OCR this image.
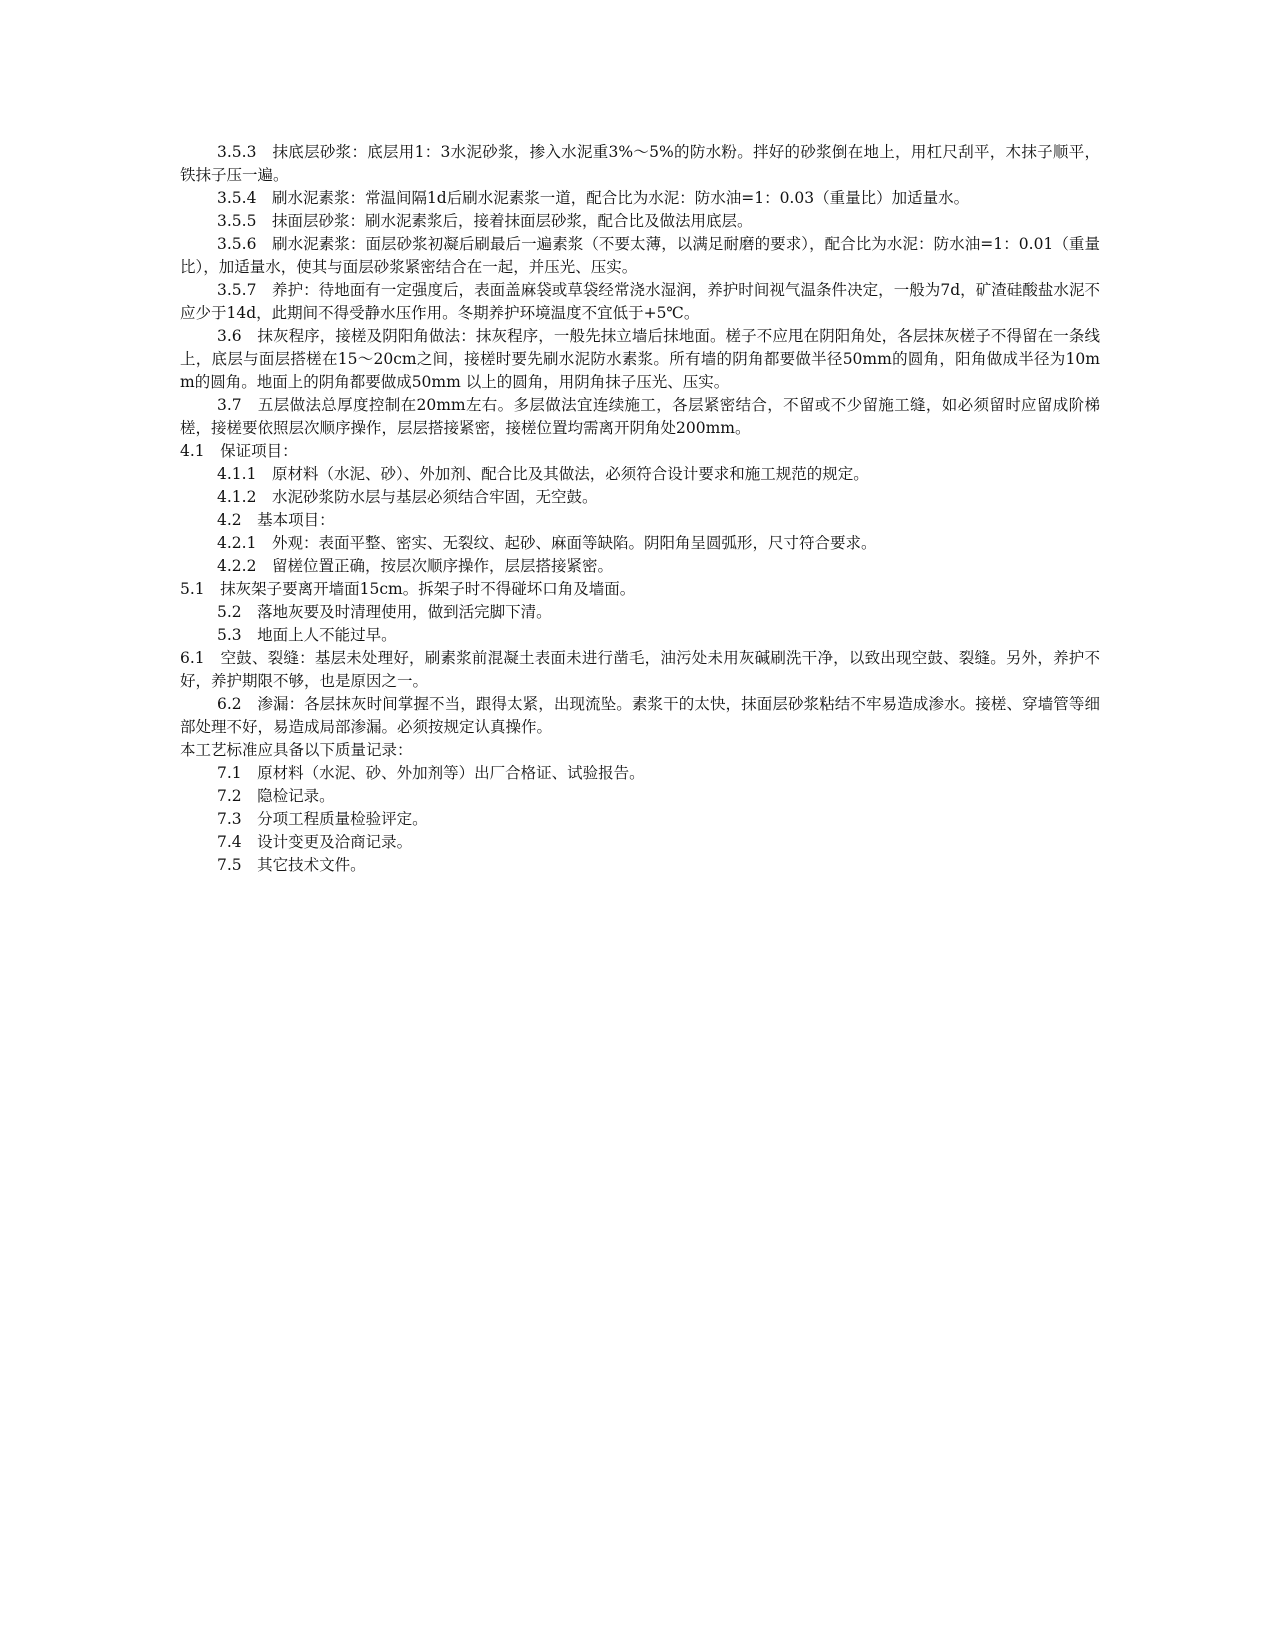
3.5.3　抹底层砂浆：底层用1：3水泥砂浆，掺入水泥重3%～5%的防水粉。拌好的砂浆倒在地上，用杠尺刮平，木抹子顺平，铁抹子压一遍。

3.5.4　刷水泥素浆：常温间隔1d后刷水泥素浆一道，配合比为水泥：防水油=1：0.03（重量比）加适量水。

3.5.5　抹面层砂浆：刷水泥素浆后，接着抹面层砂浆，配合比及做法用底层。

3.5.6　刷水泥素浆：面层砂浆初凝后刷最后一遍素浆（不要太薄，以满足耐磨的要求），配合比为水泥：防水油=1：0.01（重量比），加适量水，使其与面层砂浆紧密结合在一起，并压光、压实。

3.5.7　养护：待地面有一定强度后，表面盖麻袋或草袋经常浇水湿润，养护时间视气温条件决定，一般为7d，矿渣硅酸盐水泥不应少于14d，此期间不得受静水压作用。冬期养护环境温度不宜低于+5℃。

3.6　抹灰程序，接槎及阴阳角做法：抹灰程序，一般先抹立墙后抹地面。槎子不应甩在阴阳角处，各层抹灰槎子不得留在一条线上，底层与面层搭槎在15～20cm之间，接槎时要先刷水泥防水素浆。所有墙的阴角都要做半径50mm的圆角，阳角做成半径为10mm的圆角。地面上的阴角都要做成50mm 以上的圆角，用阴角抹子压光、压实。

3.7　五层做法总厚度控制在20mm左右。多层做法宜连续施工，各层紧密结合，不留或不少留施工缝，如必须留时应留成阶梯槎，接槎要依照层次顺序操作，层层搭接紧密，接槎位置均需离开阴角处200mm。

4.1　保证项目：

4.1.1　原材料（水泥、砂）、外加剂、配合比及其做法，必须符合设计要求和施工规范的规定。

4.1.2　水泥砂浆防水层与基层必须结合牢固，无空鼓。

4.2　基本项目：

4.2.1　外观：表面平整、密实、无裂纹、起砂、麻面等缺陷。阴阳角呈圆弧形，尺寸符合要求。

4.2.2　留槎位置正确，按层次顺序操作，层层搭接紧密。

5.1　抹灰架子要离开墙面15cm。拆架子时不得碰坏口角及墙面。

5.2　落地灰要及时清理使用，做到活完脚下清。

5.3　地面上人不能过早。

6.1　空鼓、裂缝：基层未处理好，刷素浆前混凝土表面未进行凿毛，油污处未用灰碱刷洗干净，以致出现空鼓、裂缝。另外，养护不好，养护期限不够，也是原因之一。

6.2　渗漏：各层抹灰时间掌握不当，跟得太紧，出现流坠。素浆干的太快，抹面层砂浆粘结不牢易造成渗水。接槎、穿墙管等细部处理不好，易造成局部渗漏。必须按规定认真操作。

本工艺标准应具备以下质量记录：

7.1　原材料（水泥、砂、外加剂等）出厂合格证、试验报告。

7.2　隐检记录。

7.3　分项工程质量检验评定。

7.4　设计变更及洽商记录。

7.5　其它技术文件。
